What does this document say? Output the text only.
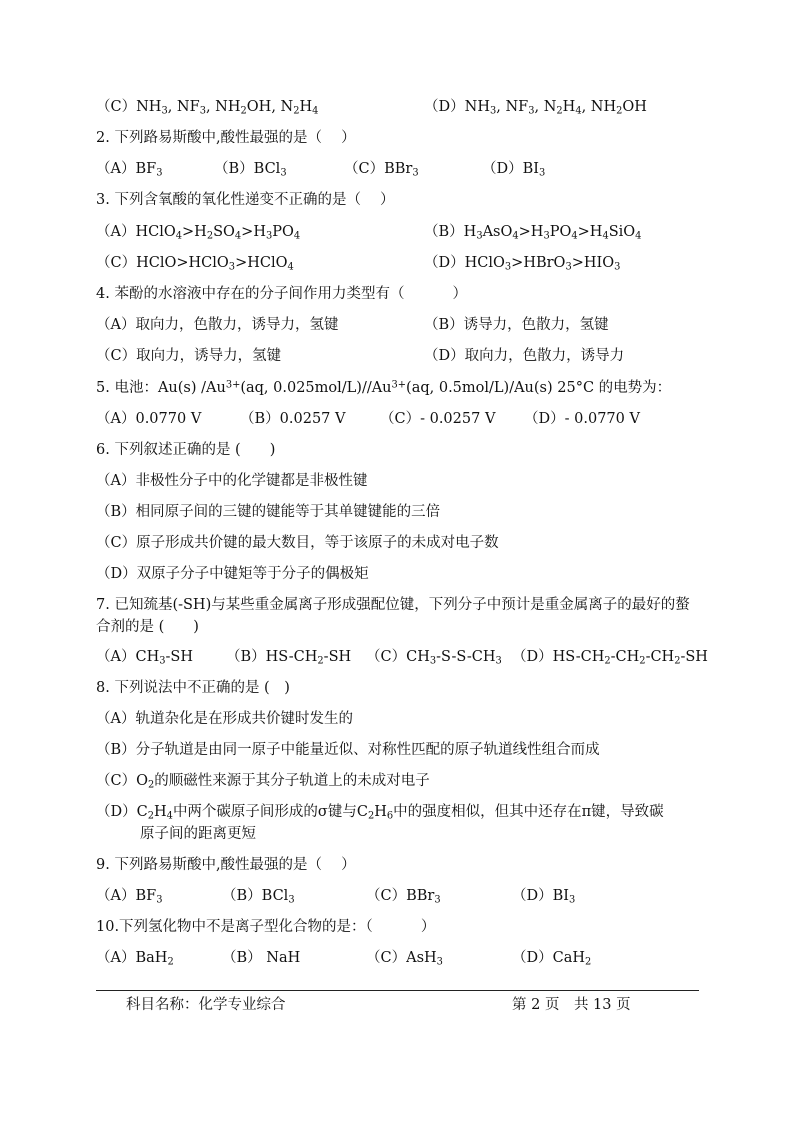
$(C)NH_3$, $NF_3$, $NH_2OH$, $N_2H_4$	$(D)NH_3$, $NF_3$, $N_2H_4$, $NH_2OH$
2. 下列路易斯酸中,酸性最强的是（　 ）
$(A)BF_3$	（B）BCl$_3$	（C）BBr$_3$	$(D)BI_3$
3. 下列含氧酸的氧化性递变不正确的是（　 ）
$(A)HClO_4>H_2SO_4>H_3PO_4$	$(B)H_3AsO_4>H_3PO_4>H_4SiO_4$
（C）HClO>HClO$_3$>HClO$_4$	$(D)HClO_3>HBrO_3>HIO_3$
4. 苯酚的水溶液中存在的分子间作用力类型有（　　　 ）
（A）取向力，色散力，诱导力，氢键	（B）诱导力，色散力，氢键
（C）取向力，诱导力，氢键	（D）取向力，色散力，诱导力
5. 电池：Au(s) $/Au^{3+}(aq$, $0.025mol/L)//Au^{3+}(aq$, 0.5mol/L)/Au(s) 25°C 的电势为：
（A）0.0770 V	（B）0.0257 V （C）- 0.0257 V （D）- 0.0770 V
6. 下列叙述正确的是 (　　)
（A）非极性分子中的化学键都是非极性键
（B）相同原子间的三键的键能等于其单键键能的三倍
（C）原子形成共价键的最大数目，等于该原子的未成对电子数
（D）双原子分子中键矩等于分子的偶极矩
7. 已知巯基(-SH)与某些重金属离子形成强配位键，下列分子中预计是重金属离子的最好的螯合剂的是 (　　)
$(A)CH_3-SH$ $(B)HS-CH_2-SH$ $(C)CH_3-S-S-CH_3$ $(D)HS-CH_2-CH_2-CH_2-SH$
8. 下列说法中不正确的是 (　)
（A）轨道杂化是在形成共价键时发生的
（B）分子轨道是由同一原子中能量近似、对称性匹配的原子轨道线性组合而成
$(C)O_2$的顺磁性来源于其分子轨道上的未成对电子
$(D)C_2H_4$中两个碳原子间形成的σ键与$C_2H_6$中的强度相似，但其中还存在π键，导致碳
原子间的距离更短
9. 下列路易斯酸中,酸性最强的是（　 ）
$(A)BF_3$	（B）BCl$_3$	（C）BBr$_3$	$(D)BI_3$
10.下列氢化物中不是离子型化合物的是：（　　　 ）
（A）BaH$_2$	（B） NaH	（C）AsH$_3$	（D）CaH$_2$
科目名称：化学专业综合	第 2 页　共 13 页
